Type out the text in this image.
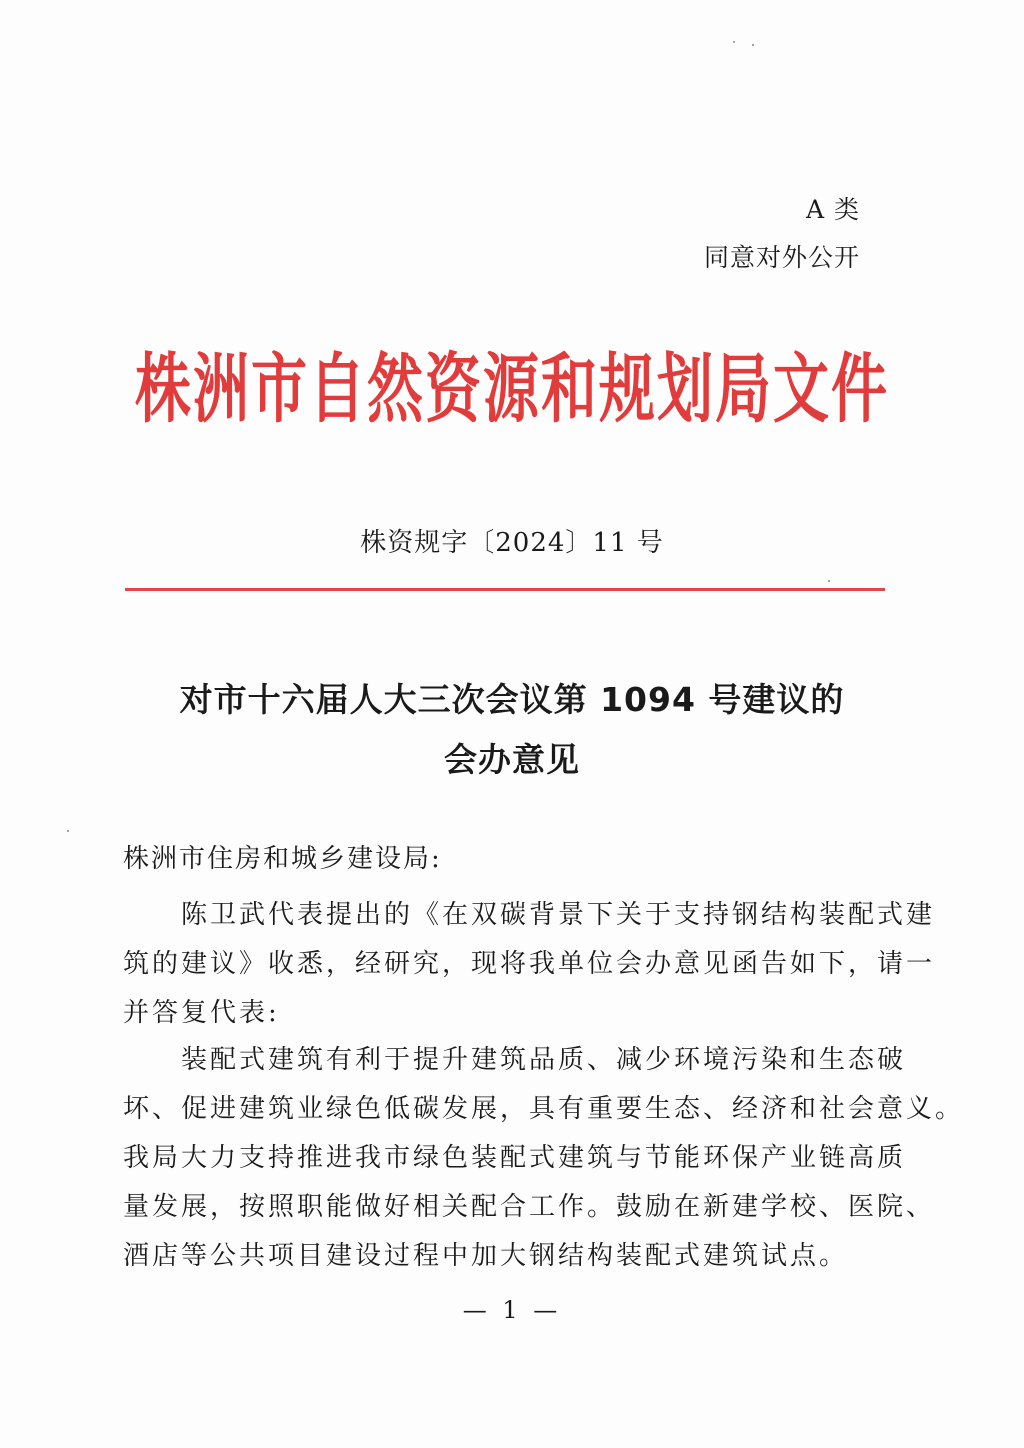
A 类
同意对外公开
株洲市自然资源和规划局文件
株资规字〔2024〕11 号
对市十六届人大三次会议第 1094 号建议的
会办意见
株洲市住房和城乡建设局:
陈卫武代表提出的《在双碳背景下关于支持钢结构装配式建
筑的建议》收悉，经研究，现将我单位会办意见函告如下，请一
并答复代表:
装配式建筑有利于提升建筑品质、减少环境污染和生态破
坏、促进建筑业绿色低碳发展，具有重要生态、经济和社会意义。
我局大力支持推进我市绿色装配式建筑与节能环保产业链高质
量发展，按照职能做好相关配合工作。鼓励在新建学校、医院、
酒店等公共项目建设过程中加大钢结构装配式建筑试点。
— 1 —
